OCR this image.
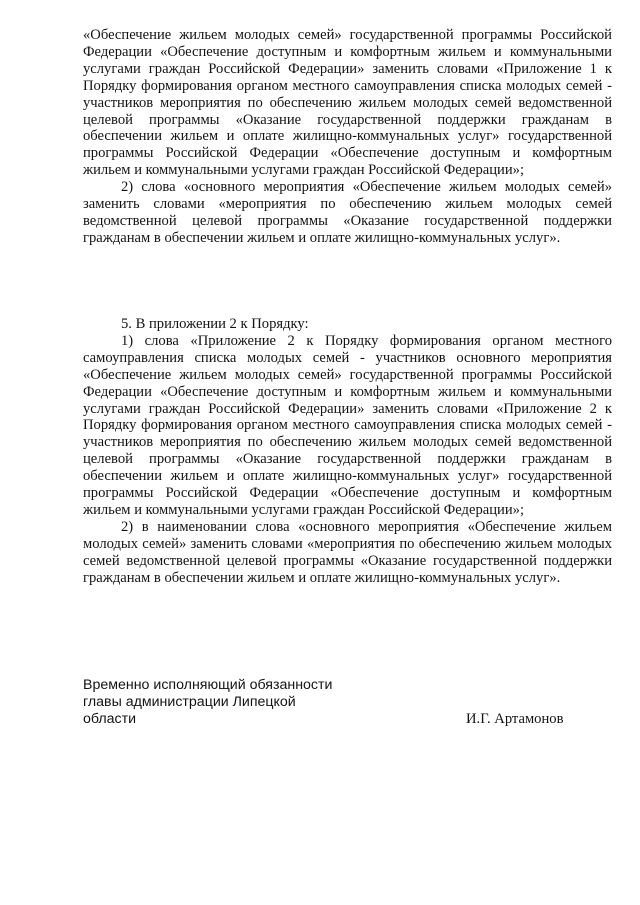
«Обеспечение жильем молодых семей» государственной программы Российской Федерации «Обеспечение доступным и комфортным жильем и коммунальными услугами граждан Российской Федерации» заменить словами «Приложение 1 к Порядку формирования органом местного самоуправления списка молодых семей - участников мероприятия по обеспечению жильем молодых семей ведомственной целевой программы «Оказание государственной поддержки гражданам в обеспечении жильем и оплате жилищно-коммунальных услуг» государственной программы Российской Федерации «Обеспечение доступным и комфортным жильем и коммунальными услугами граждан Российской Федерации»;

2) слова «основного мероприятия «Обеспечение жильем молодых семей» заменить словами «мероприятия по обеспечению жильем молодых семей ведомственной целевой программы «Оказание государственной поддержки гражданам в обеспечении жильем и оплате жилищно-коммунальных услуг».

5. В приложении 2 к Порядку:

1) слова «Приложение 2 к Порядку формирования органом местного самоуправления списка молодых семей - участников основного мероприятия «Обеспечение жильем молодых семей» государственной программы Российской Федерации «Обеспечение доступным и комфортным жильем и коммунальными услугами граждан Российской Федерации» заменить словами «Приложение 2 к Порядку формирования органом местного самоуправления списка молодых семей - участников мероприятия по обеспечению жильем молодых семей ведомственной целевой программы «Оказание государственной поддержки гражданам в обеспечении жильем и оплате жилищно-коммунальных услуг» государственной программы Российской Федерации «Обеспечение доступным и комфортным жильем и коммунальными услугами граждан Российской Федерации»;

2) в наименовании слова «основного мероприятия «Обеспечение жильем молодых семей» заменить словами «мероприятия по обеспечению жильем молодых семей ведомственной целевой программы «Оказание государственной поддержки гражданам в обеспечении жильем и оплате жилищно-коммунальных услуг».

Временно исполняющий обязанности
главы администрации Липецкой
области	И.Г. Артамонов
